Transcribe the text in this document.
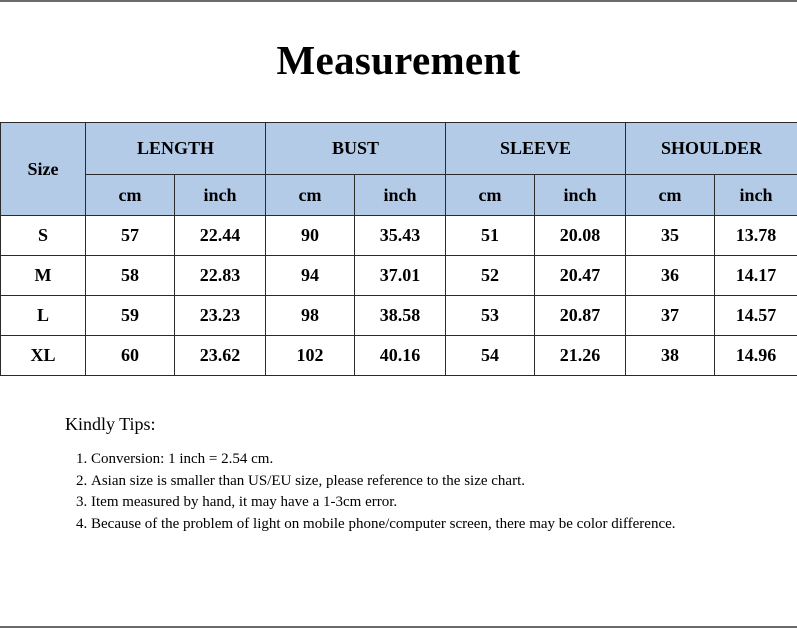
Measurement
Size	LENGTH		BUST		SLEEVE		SHOULDER	
	cm	inch	cm	inch	cm	inch	cm	inch
S	57	22.44	90	35.43	51	20.08	35	13.78
M	58	22.83	94	37.01	52	20.47	36	14.17
L	59	23.23	98	38.58	53	20.87	37	14.57
XL	60	23.62	102	40.16	54	21.26	38	14.96
Kindly Tips:
1. Conversion: 1 inch = 2.54 cm.
2. Asian size is smaller than US/EU size, please reference to the size chart.
3. Item measured by hand, it may have a 1-3cm error.
4. Because of the problem of light on mobile phone/computer screen, there may be color difference.
